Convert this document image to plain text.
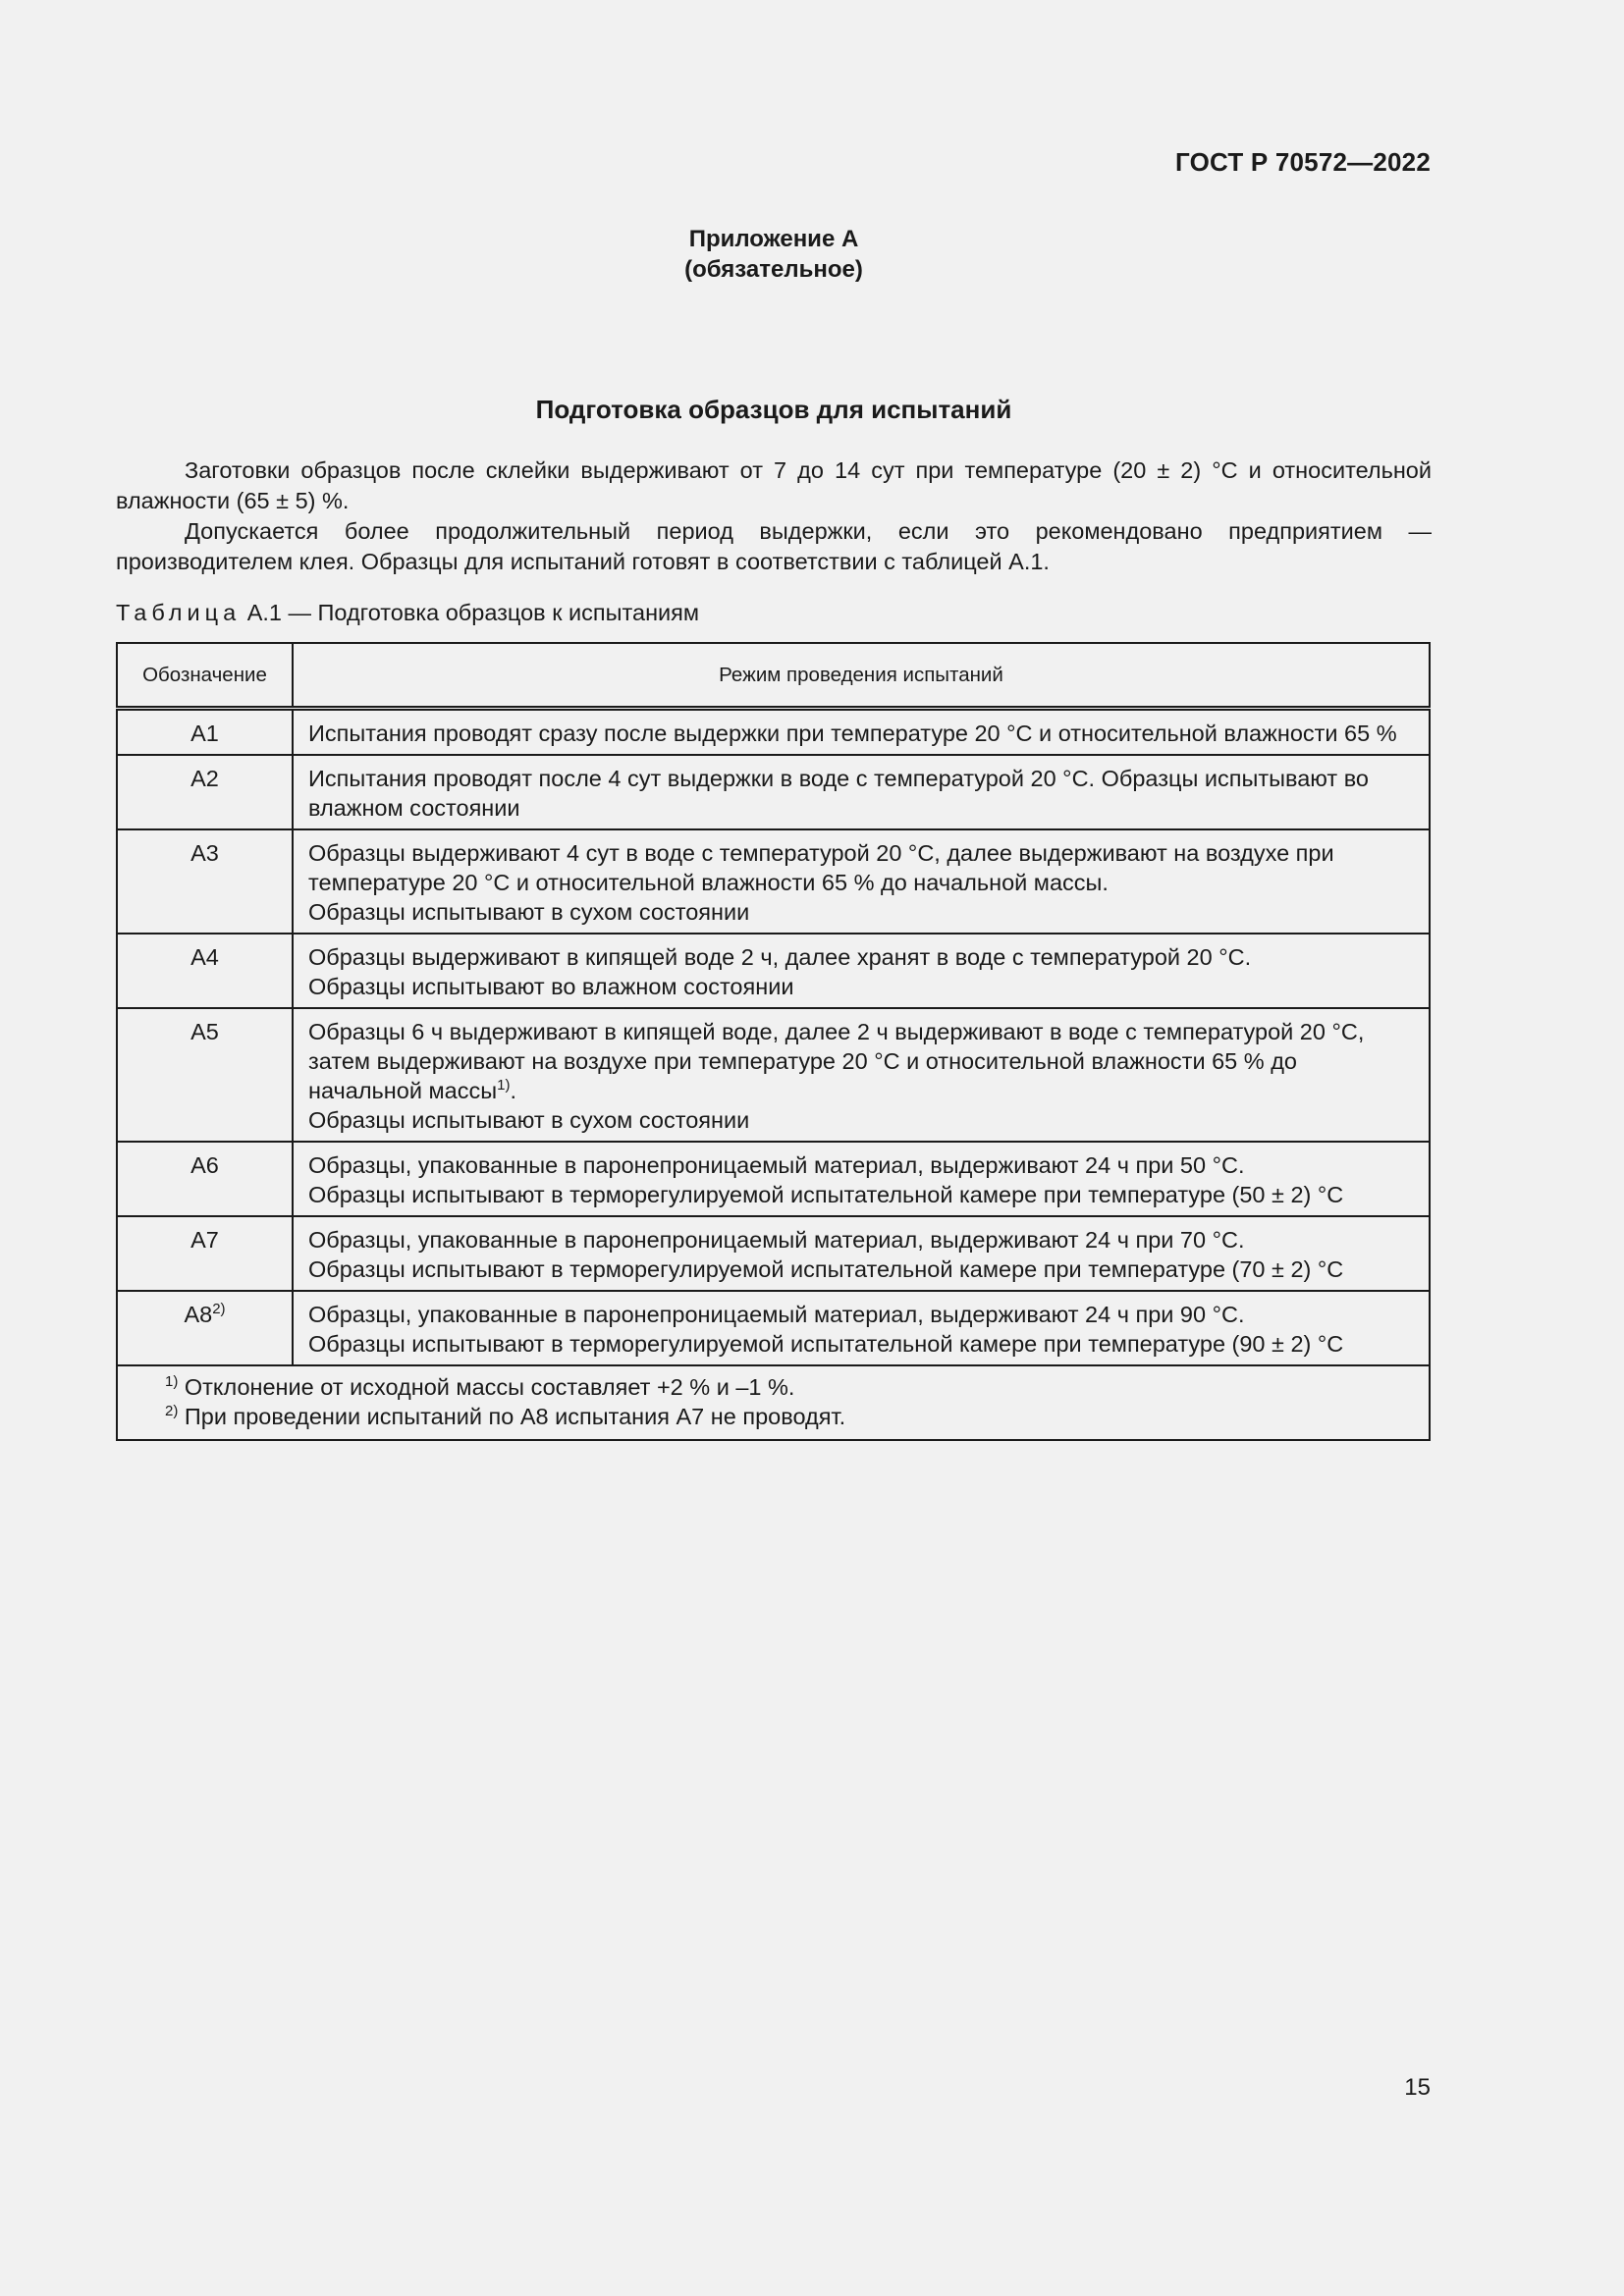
ГОСТ Р 70572—2022
Приложение А
(обязательное)
Подготовка образцов для испытаний

Заготовки образцов после склейки выдерживают от 7 до 14 сут при температуре (20 ± 2) °С и относительной влажности (65 ± 5) %.

Допускается более продолжительный период выдержки, если это рекомендовано предприятием — производителем клея. Образцы для испытаний готовят в соответствии с таблицей А.1.

Таблица А.1 — Подготовка образцов к испытаниям
Обозначение	Режим проведения испытаний
А1	Испытания проводят сразу после выдержки при температуре 20 °С и относительной влажности 65 %

А2	Испытания проводят после 4 сут выдержки в воде с температурой 20 °С. Образцы испытывают во влажном состоянии

А3	Образцы выдерживают 4 сут в воде с температурой 20 °С, далее выдерживают на воздухе при температуре 20 °С и относительной влажности 65 % до начальной массы.
Образцы испытывают в сухом состоянии

А4	Образцы выдерживают в кипящей воде 2 ч, далее хранят в воде с температурой 20 °С.
Образцы испытывают во влажном состоянии

А5	Образцы 6 ч выдерживают в кипящей воде, далее 2 ч выдерживают в воде с температурой 20 °С, затем выдерживают на воздухе при температуре 20 °С и относительной влажности 65 % до начальной массы$^{1)}$.
Образцы испытывают в сухом состоянии

А6	Образцы, упакованные в паронепроницаемый материал, выдерживают 24 ч при 50 °С.
Образцы испытывают в терморегулируемой испытательной камере при температуре (50 ± 2) °С

А7	Образцы, упакованные в паронепроницаемый материал, выдерживают 24 ч при 70 °С.
Образцы испытывают в терморегулируемой испытательной камере при температуре (70 ± 2) °С

А8$^{2)}$	Образцы, упакованные в паронепроницаемый материал, выдерживают 24 ч при 90 °С.
Образцы испытывают в терморегулируемой испытательной камере при температуре (90 ± 2) °С

$^{1)}$ Отклонение от исходной массы составляет +2 % и –1 %.
$^{2)}$ При проведении испытаний по А8 испытания А7 не проводят.	
15
